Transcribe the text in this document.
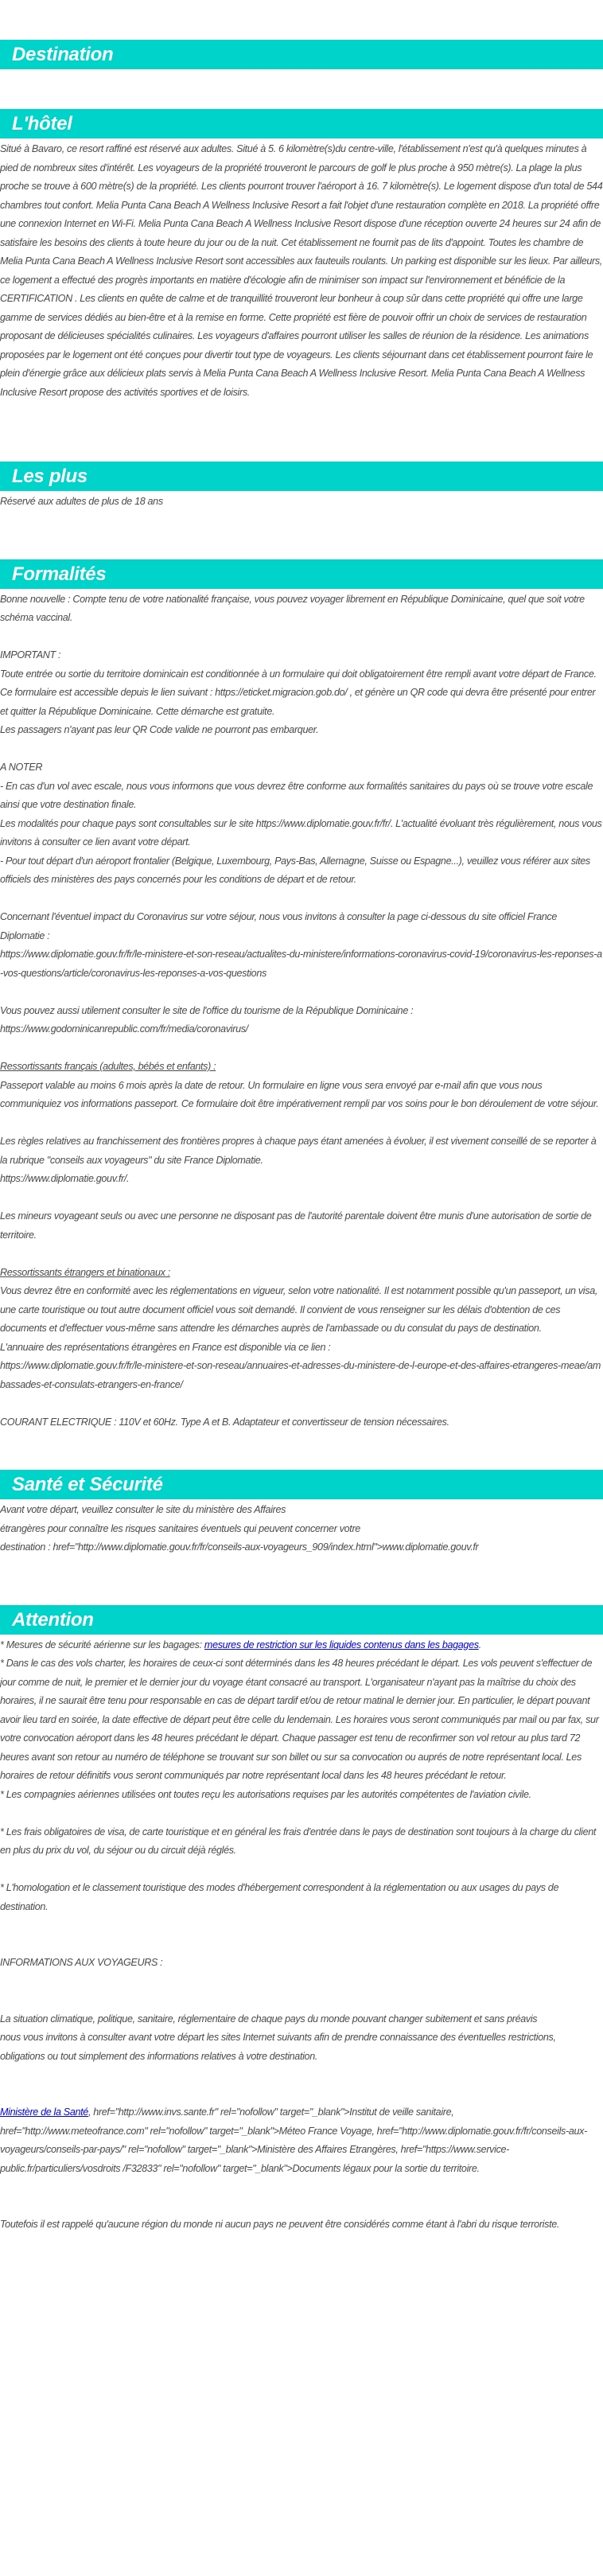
Destination
L'hôtel

Situé à Bavaro, ce resort raffiné est réservé aux adultes. Situé à 5. 6 kilomètre(s)du centre-ville, l'établissement n'est qu'à quelques minutes à pied de nombreux sites d'intérêt. Les voyageurs de la propriété trouveront le parcours de golf le plus proche à 950 mètre(s). La plage la plus proche se trouve à 600 mètre(s) de la propriété. Les clients pourront trouver l'aéroport à 16. 7 kilomètre(s). Le logement dispose d'un total de 544 chambres tout confort. Melia Punta Cana Beach A Wellness Inclusive Resort a fait l'objet d'une restauration complète en 2018. La propriété offre une connexion Internet en Wi-Fi. Melia Punta Cana Beach A Wellness Inclusive Resort dispose d'une réception ouverte 24 heures sur 24 afin de satisfaire les besoins des clients à toute heure du jour ou de la nuit. Cet établissement ne fournit pas de lits d'appoint. Toutes les chambre de Melia Punta Cana Beach A Wellness Inclusive Resort sont accessibles aux fauteuils roulants. Un parking est disponible sur les lieux. Par ailleurs, ce logement a effectué des progrès importants en matière d'écologie afin de minimiser son impact sur l'environnement et bénéficie de la CERTIFICATION . Les clients en quête de calme et de tranquillité trouveront leur bonheur à coup sûr dans cette propriété qui offre une large gamme de services dédiés au bien-être et à la remise en forme. Cette propriété est fière de pouvoir offrir un choix de services de restauration proposant de délicieuses spécialités culinaires. Les voyageurs d'affaires pourront utiliser les salles de réunion de la résidence. Les animations proposées par le logement ont été conçues pour divertir tout type de voyageurs. Les clients séjournant dans cet établissement pourront faire le plein d'énergie grâce aux délicieux plats servis à Melia Punta Cana Beach A Wellness Inclusive Resort. Melia Punta Cana Beach A Wellness Inclusive Resort propose des activités sportives et de loisirs.

Les plus

Réservé aux adultes de plus de 18 ans

Formalités

Bonne nouvelle : Compte tenu de votre nationalité française, vous pouvez voyager librement en République Dominicaine, quel que soit votre schéma vaccinal.

IMPORTANT :

Toute entrée ou sortie du territoire dominicain est conditionnée à un formulaire qui doit obligatoirement être rempli avant votre départ de France. Ce formulaire est accessible depuis le lien suivant : https://eticket.migracion.gob.do/ , et génère un QR code qui devra être présenté pour entrer et quitter la République Dominicaine. Cette démarche est gratuite.

Les passagers n'ayant pas leur QR Code valide ne pourront pas embarquer.

A NOTER

- En cas d'un vol avec escale, nous vous informons que vous devrez être conforme aux formalités sanitaires du pays où se trouve votre escale ainsi que votre destination finale.

Les modalités pour chaque pays sont consultables sur le site https://www.diplomatie.gouv.fr/fr/. L'actualité évoluant très régulièrement, nous vous invitons à consulter ce lien avant votre départ.

- Pour tout départ d'un aéroport frontalier (Belgique, Luxembourg, Pays-Bas, Allemagne, Suisse ou Espagne...), veuillez vous référer aux sites officiels des ministères des pays concernés pour les conditions de départ et de retour.

Concernant l'éventuel impact du Coronavirus sur votre séjour, nous vous invitons à consulter la page ci-dessous du site officiel France Diplomatie :

https://www.diplomatie.gouv.fr/fr/le-ministere-et-son-reseau/actualites-du-ministere/informations-coronavirus-covid-19/coronavirus-les-reponses-a-vos-questions/article/coronavirus-les-reponses-a-vos-questions

Vous pouvez aussi utilement consulter le site de l'office du tourisme de la République Dominicaine :

https://www.godominicanrepublic.com/fr/media/coronavirus/

Ressortissants français (adultes, bébés et enfants) :

Passeport valable au moins 6 mois après la date de retour. Un formulaire en ligne vous sera envoyé par e-mail afin que vous nous communiquiez vos informations passeport. Ce formulaire doit être impérativement rempli par vos soins pour le bon déroulement de votre séjour.

Les règles relatives au franchissement des frontières propres à chaque pays étant amenées à évoluer, il est vivement conseillé de se reporter à la rubrique "conseils aux voyageurs" du site France Diplomatie.

https://www.diplomatie.gouv.fr/.

Les mineurs voyageant seuls ou avec une personne ne disposant pas de l'autorité parentale doivent être munis d'une autorisation de sortie de territoire.

Ressortissants étrangers et binationaux :

Vous devrez être en conformité avec les réglementations en vigueur, selon votre nationalité. Il est notamment possible qu'un passeport, un visa, une carte touristique ou tout autre document officiel vous soit demandé. Il convient de vous renseigner sur les délais d'obtention de ces documents et d'effectuer vous-même sans attendre les démarches auprès de l'ambassade ou du consulat du pays de destination.

L'annuaire des représentations étrangères en France est disponible via ce lien :

https://www.diplomatie.gouv.fr/fr/le-ministere-et-son-reseau/annuaires-et-adresses-du-ministere-de-l-europe-et-des-affaires-etrangeres-meae/ambassades-et-consulats-etrangers-en-france/

COURANT ELECTRIQUE : 110V et 60Hz. Type A et B. Adaptateur et convertisseur de tension nécessaires.

Santé et Sécurité

Avant votre départ, veuillez consulter le site du ministère des Affaires

étrangères pour connaître les risques sanitaires éventuels qui peuvent concerner votre

destination : href="http://www.diplomatie.gouv.fr/fr/conseils-aux-voyageurs_909/index.html">www.diplomatie.gouv.fr

Attention

* Mesures de sécurité aérienne sur les bagages: mesures de restriction sur les liquides contenus dans les bagages.

* Dans le cas des vols charter, les horaires de ceux-ci sont déterminés dans les 48 heures précédant le départ. Les vols peuvent s'effectuer de jour comme de nuit, le premier et le dernier jour du voyage étant consacré au transport. L'organisateur n'ayant pas la maîtrise du choix des horaires, il ne saurait être tenu pour responsable en cas de départ tardif et/ou de retour matinal le dernier jour. En particulier, le départ pouvant avoir lieu tard en soirée, la date effective de départ peut être celle du lendemain. Les horaires vous seront communiqués par mail ou par fax, sur votre convocation aéroport dans les 48 heures précédant le départ. Chaque passager est tenu de reconfirmer son vol retour au plus tard 72 heures avant son retour au numéro de téléphone se trouvant sur son billet ou sur sa convocation ou auprés de notre représentant local. Les horaires de retour définitifs vous seront communiqués par notre représentant local dans les 48 heures précédant le retour.

* Les compagnies aériennes utilisées ont toutes reçu les autorisations requises par les autorités compétentes de l'aviation civile.

* Les frais obligatoires de visa, de carte touristique et en général les frais d'entrée dans le pays de destination sont toujours à la charge du client en plus du prix du vol, du séjour ou du circuit déjà réglés.

* L'homologation et le classement touristique des modes d'hébergement correspondent à la réglementation ou aux usages du pays de destination.

INFORMATIONS AUX VOYAGEURS :

La situation climatique, politique, sanitaire, réglementaire de chaque pays du monde pouvant changer subitement et sans préavis

nous vous invitons à consulter avant votre départ les sites Internet suivants afin de prendre connaissance des éventuelles restrictions, obligations ou tout simplement des informations relatives à votre destination.

Ministère de la Santé, href="http://www.invs.sante.fr" rel="nofollow" target="_blank">Institut de veille sanitaire, href="http://www.meteofrance.com" rel="nofollow" target="_blank">Méteo France Voyage, href="http://www.diplomatie.gouv.fr/fr/conseils-aux-voyageurs/conseils-par-pays/" rel="nofollow" target="_blank">Ministère des Affaires Etrangères, href="https://www.service-public.fr/particuliers/vosdroits /F32833" rel="nofollow" target="_blank">Documents légaux pour la sortie du territoire.

Toutefois il est rappelé qu'aucune région du monde ni aucun pays ne peuvent être considérés comme étant à l'abri du risque terroriste.
